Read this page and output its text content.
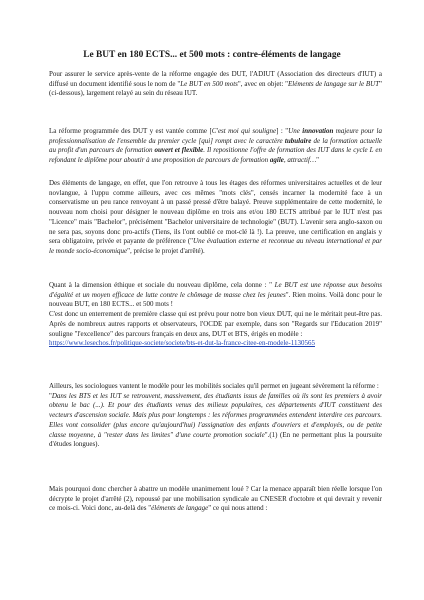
Le BUT en 180 ECTS... et 500 mots : contre-éléments de langage

Pour assurer le service après-vente de la réforme engagée des DUT, l'ADIUT (Association des directeurs d'IUT) a diffusé un document identifié sous le nom de "Le BUT en 500 mots", avec en objet: "Eléments de langage sur le BUT" (ci-dessous), largement relayé au sein du réseau IUT.

La réforme programmée des DUT y est vantée comme [C'est moi qui souligne] : "Une innovation majeure pour la professionnalisation de l'ensemble du premier cycle [qui] rompt avec le caractère tubulaire de la formation actuelle au profit d'un parcours de formation ouvert et flexible. Il repositionne l'offre de formation des IUT dans le cycle L en refondant le diplôme pour aboutir à une proposition de parcours de formation agile, attractif…"

Des éléments de langage, en effet, que l'on retrouve à tous les étages des réformes universitaires actuelles et de leur novlangue, à l'uppu comme ailleurs, avec ces mêmes "mots clés", censés incarner la modernité face à un conservatisme un peu rance renvoyant à un passé pressé d'être balayé. Preuve supplémentaire de cette modernité, le nouveau nom choisi pour désigner le nouveau diplôme en trois ans et/ou 180 ECTS attribué par le IUT n'est pas "Licence" mais "Bachelor", précisément "Bachelor universitaire de technologie" (BUT). L'avenir sera anglo-saxon ou ne sera pas, soyons donc pro-actifs (Tiens, ils l'ont oublié ce mot-clé là !). La preuve, une certification en anglais y sera obligatoire, privée et payante de préférence ("Une évaluation externe et reconnue au niveau international et par le monde socio-économique", précise le projet d'arrêté).

Quant à la dimension éthique et sociale du nouveau diplôme, cela donne : " Le BUT est une réponse aux besoins d'égalité et un moyen efficace de lutte contre le chômage de masse chez les jeunes". Rien moins. Voilà donc pour le nouveau BUT, en 180 ECTS... et 500 mots !
C'est donc un enterrement de première classe qui est prévu pour notre bon vieux DUT, qui ne le méritait peut-être pas. Après de nombreux autres rapports et observateurs, l'OCDE par exemple, dans son "Regards sur l'Education 2019" souligne "l'excellence" des parcours français en deux ans, DUT et BTS, érigés en modèle :
https://www.lesechos.fr/politique-societe/societe/bts-et-dut-la-france-citee-en-modele-1130565

Ailleurs, les sociologues vantent le modèle pour les mobilités sociales qu'il permet en jugeant sévèrement la réforme :
"Dans les BTS et les IUT se retrouvent, massivement, des étudiants issus de familles où ils sont les premiers à avoir obtenu le bac (...). Et pour des étudiants venus des milieux populaires, ces départements d'IUT constituent des vecteurs d'ascension sociale. Mais plus pour longtemps : les réformes programmées entendent interdire ces parcours. Elles vont consolider (plus encore qu'aujourd'hui) l'assignation des enfants d'ouvriers et d'employés, ou de petite classe moyenne, à "rester dans les limites" d'une courte promotion sociale".(1) (En ne permettant plus la poursuite d'études longues).

Mais pourquoi donc chercher à abattre un modèle unanimement loué ? Car la menace apparaît bien réelle lorsque l'on décrypte le projet d'arrêté (2), repoussé par une mobilisation syndicale au CNESER d'octobre et qui devrait y revenir ce mois-ci. Voici donc, au-delà des "éléments de langage" ce qui nous attend :
